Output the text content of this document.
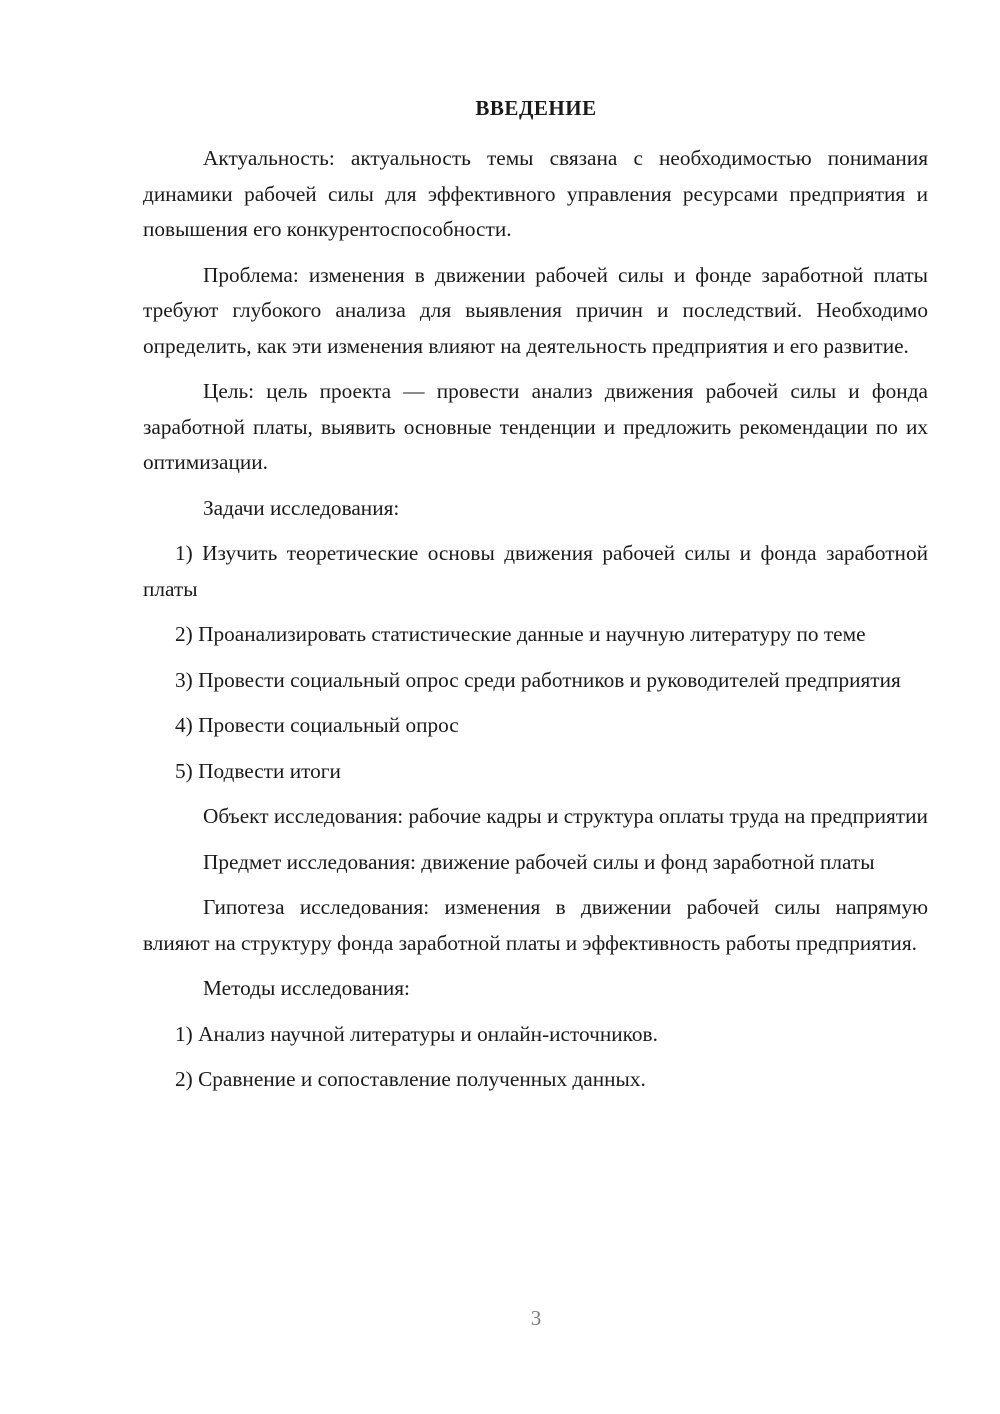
ВВЕДЕНИЕ

Актуальность: актуальность темы связана с необходимостью понимания динамики рабочей силы для эффективного управления ресурсами предприятия и повышения его конкурентоспособности.

Проблема: изменения в движении рабочей силы и фонде заработной платы требуют глубокого анализа для выявления причин и последствий. Необходимо определить, как эти изменения влияют на деятельность предприятия и его развитие.

Цель: цель проекта — провести анализ движения рабочей силы и фонда заработной платы, выявить основные тенденции и предложить рекомендации по их оптимизации.

Задачи исследования:

1) Изучить теоретические основы движения рабочей силы и фонда заработной платы

2) Проанализировать статистические данные и научную литературу по теме

3) Провести социальный опрос среди работников и руководителей предприятия

4) Провести социальный опрос

5) Подвести итоги

Объект исследования: рабочие кадры и структура оплаты труда на предприятии

Предмет исследования: движение рабочей силы и фонд заработной платы

Гипотеза исследования: изменения в движении рабочей силы напрямую влияют на структуру фонда заработной платы и эффективность работы предприятия.

Методы исследования:

1) Анализ научной литературы и онлайн-источников.

2) Сравнение и сопоставление полученных данных.

3
